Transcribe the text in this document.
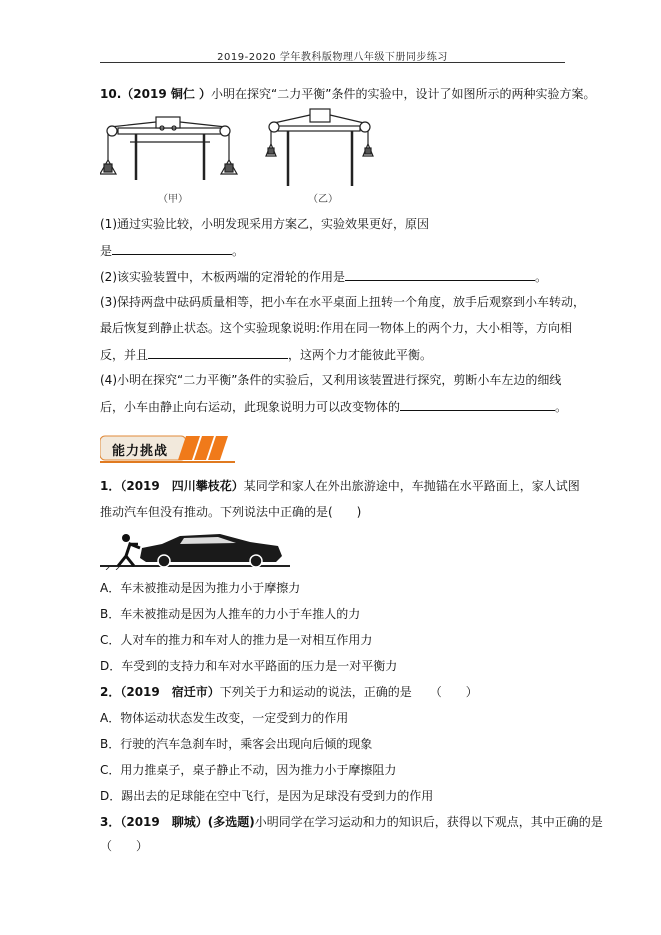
2019-2020 学年教科版物理八年级下册同步练习
10.（2019 铜仁 ）小明在探究“二力平衡”条件的实验中，设计了如图所示的两种实验方案。
（甲）	（乙）
(1)通过实验比较，小明发现采用方案乙，实验效果更好，原因
是	。
(2)该实验装置中，木板两端的定滑轮的作用是	。
(3)保持两盘中砝码质量相等，把小车在水平桌面上扭转一个角度，放手后观察到小车转动，
最后恢复到静止状态。这个实验现象说明:作用在同一物体上的两个力，大小相等，方向相
反，并且	，这两个力才能彼此平衡。
(4)小明在探究“二力平衡”条件的实验后，又利用该装置进行探究，剪断小车左边的细线
后，小车由静止向右运动，此现象说明力可以改变物体的	。
能力挑战
1．（2019　四川攀枝花）某同学和家人在外出旅游途中，车抛锚在水平路面上，家人试图
推动汽车但没有推动。下列说法中正确的是(　　)
A．车未被推动是因为推力小于摩擦力
B．车未被推动是因为人推车的力小于车推人的力
C．人对车的推力和车对人的推力是一对相互作用力
D．车受到的支持力和车对水平路面的压力是一对平衡力
2．（2019　宿迁市）下列关于力和运动的说法，正确的是　　（　　）
A．物体运动状态发生改变，一定受到力的作用
B．行驶的汽车急刹车时，乘客会出现向后倾的现象
C．用力推桌子，桌子静止不动，因为推力小于摩擦阻力
D．踢出去的足球能在空中飞行，是因为足球没有受到力的作用
3．（2019　聊城）(多选题)小明同学在学习运动和力的知识后，获得以下观点，其中正确的是
（　　）
